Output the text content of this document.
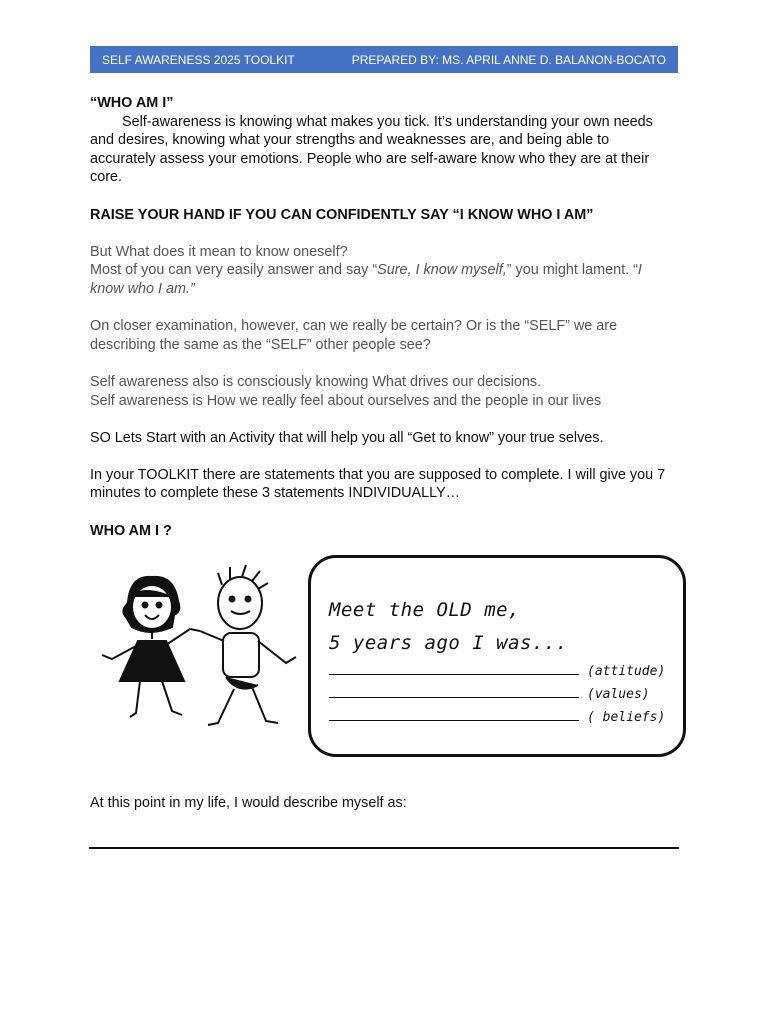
SELF AWARENESS 2025 TOOLKIT	PREPARED BY: MS. APRIL ANNE D. BALANON-BOCATO

“WHO AM I”

Self-awareness is knowing what makes you tick. It’s understanding your own needs and desires, knowing what your strengths and weaknesses are, and being able to accurately assess your emotions. People who are self-aware know who they are at their core.

RAISE YOUR HAND IF YOU CAN CONFIDENTLY SAY “I KNOW WHO I AM”

But What does it mean to know oneself?

Most of you can very easily answer and say “Sure, I know myself,” you might lament. “I know who I am.”

On closer examination, however, can we really be certain? Or is the “SELF” we are describing the same as the “SELF” other people see?

Self awareness also is consciously knowing What drives our decisions.

Self awareness is How we really feel about ourselves and the people in our lives

SO Lets Start with an Activity that will help you all “Get to know” your true selves.

In your TOOLKIT there are statements that you are supposed to complete. I will give you 7 minutes to complete these 3 statements INDIVIDUALLY…

WHO AM I ?

Meet the OLD me,
5 years ago I was...
(attitude)
(values)
( beliefs)
At this point in my life, I would describe myself as:
